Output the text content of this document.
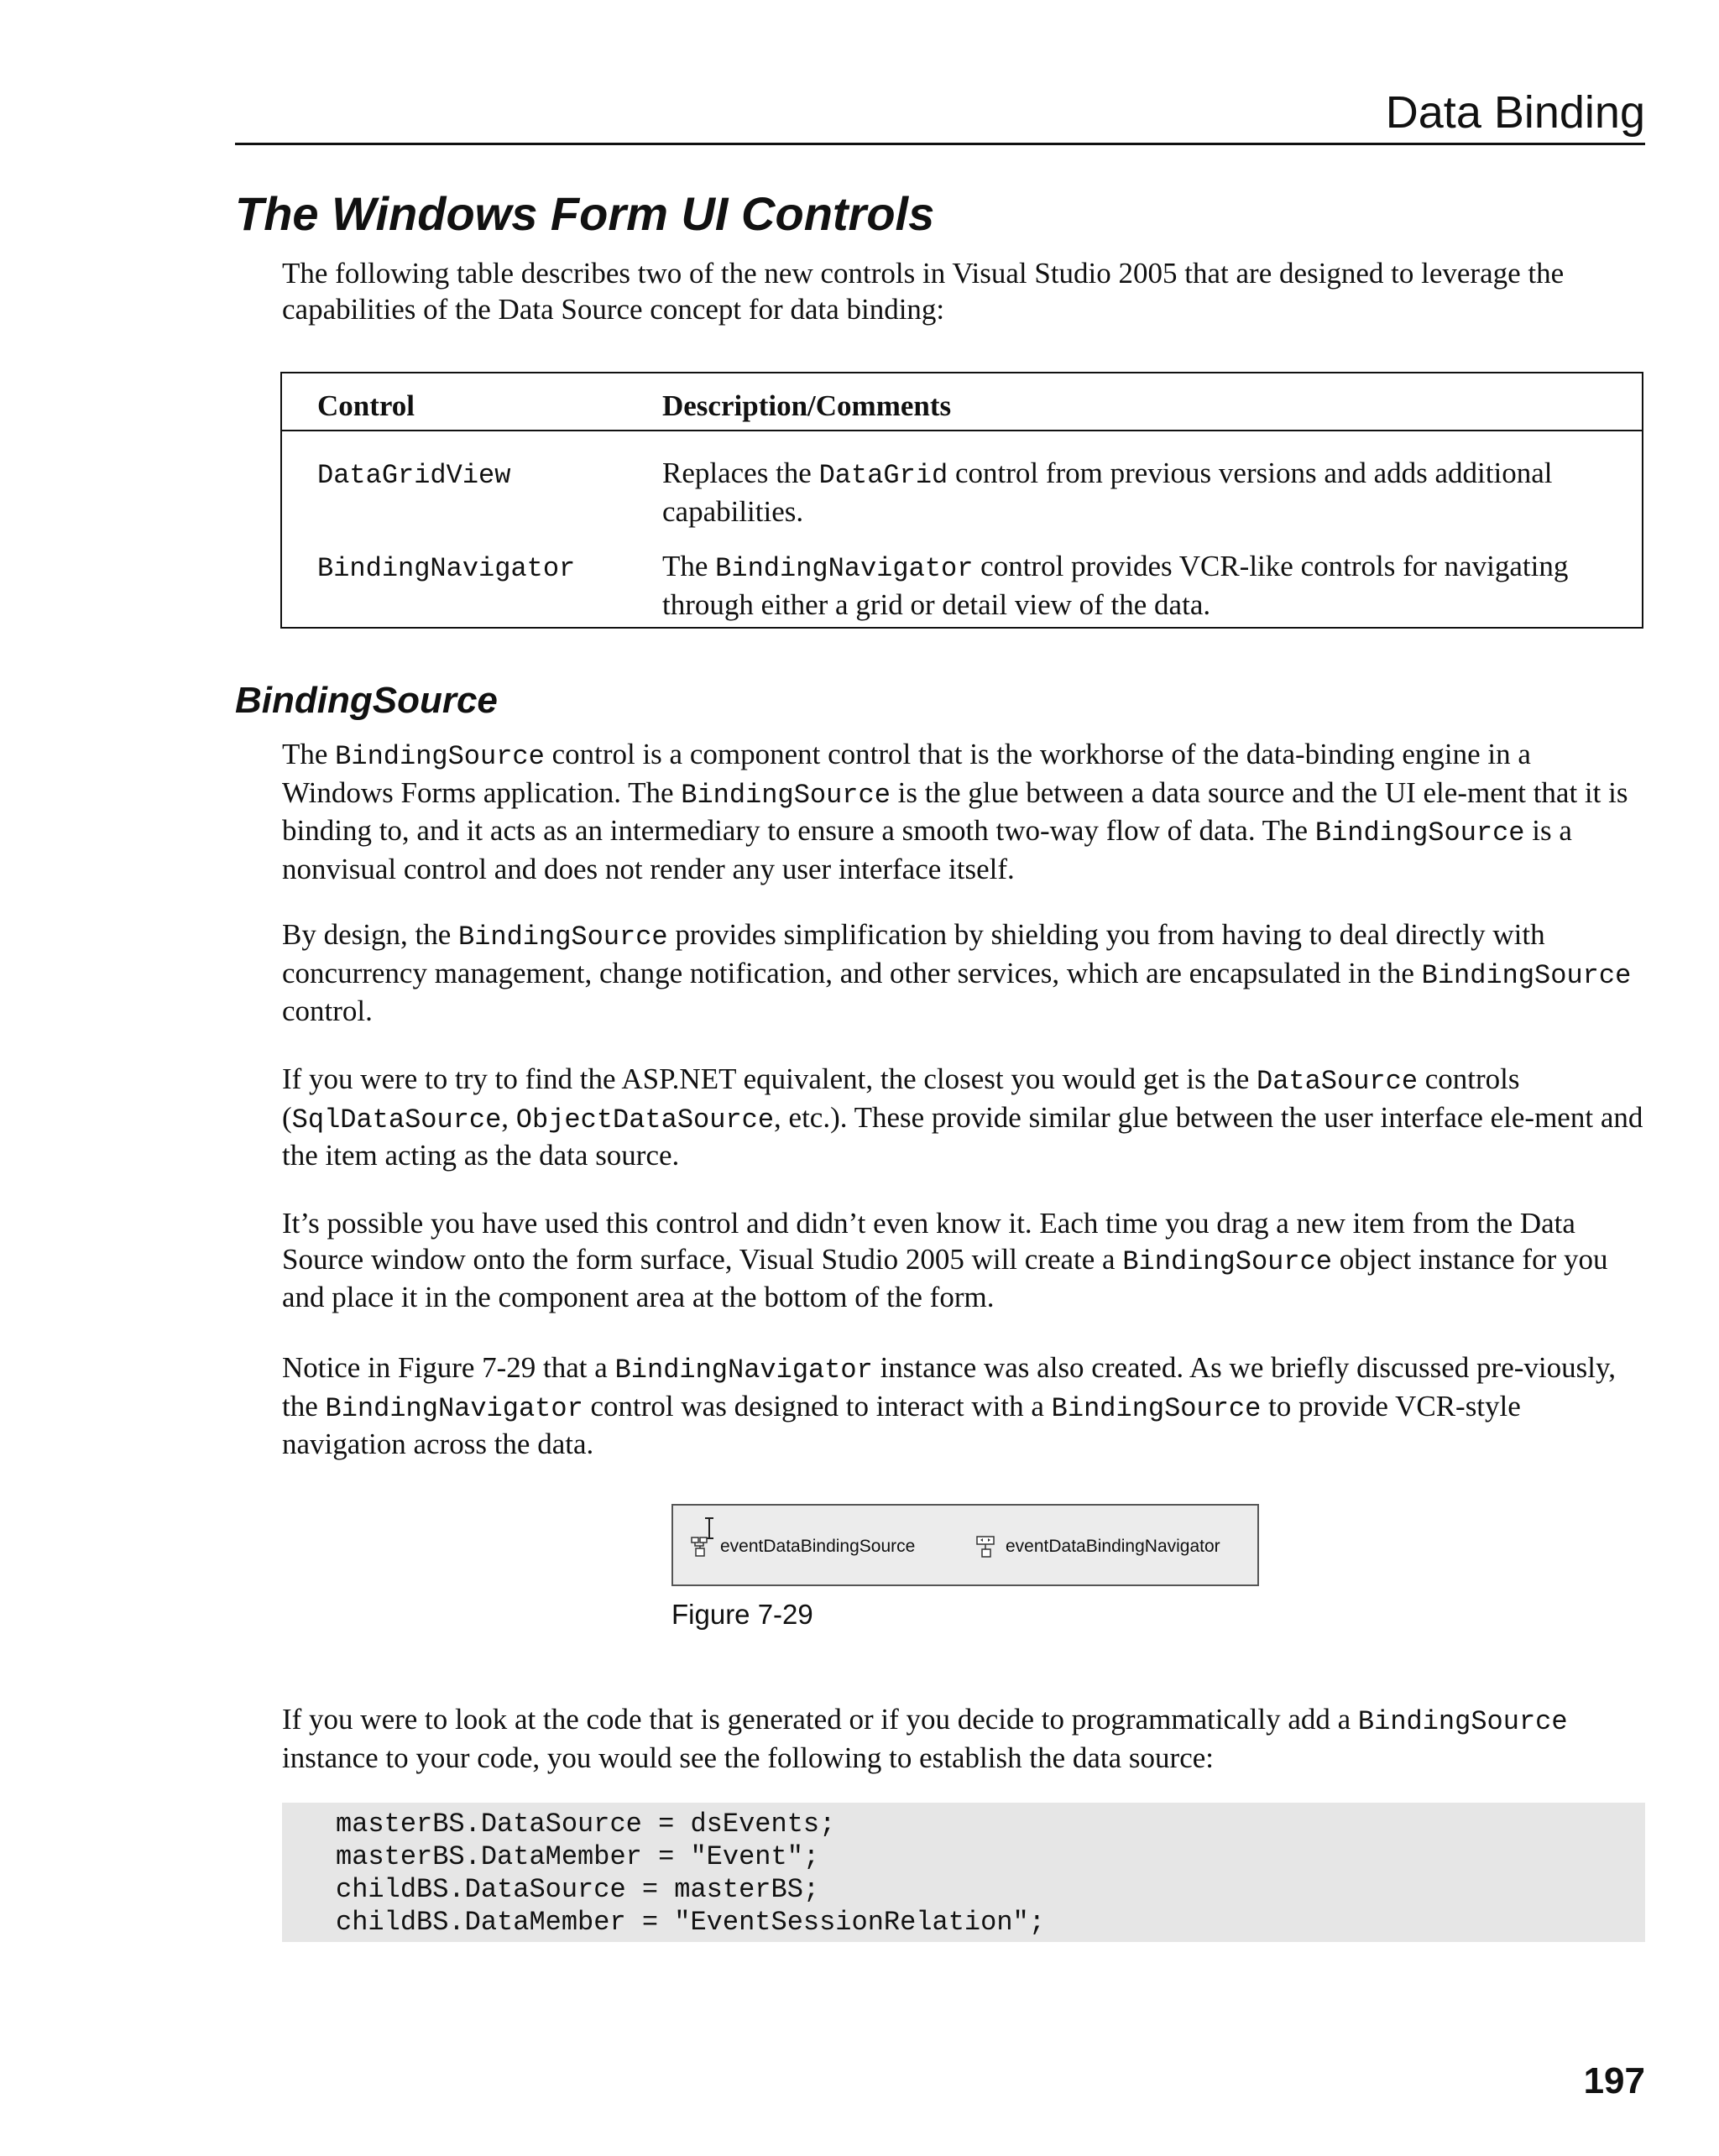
Data Binding
The Windows Form UI Controls

The following table describes two of the new controls in Visual Studio 2005 that are designed to leverage the capabilities of the Data Source concept for data binding:

Control	Description/Comments
DataGridView	Replaces the DataGrid control from previous versions and adds additional capabilities.
BindingNavigator	The BindingNavigator control provides VCR-like controls for navigating through either a grid or detail view of the data.
BindingSource

The BindingSource control is a component control that is the workhorse of the data-binding engine in a Windows Forms application. The BindingSource is the glue between a data source and the UI ele-ment that it is binding to, and it acts as an intermediary to ensure a smooth two-way flow of data. The BindingSource is a nonvisual control and does not render any user interface itself.

By design, the BindingSource provides simplification by shielding you from having to deal directly with concurrency management, change notification, and other services, which are encapsulated in the BindingSource control.

If you were to try to find the ASP.NET equivalent, the closest you would get is the DataSource controls (SqlDataSource, ObjectDataSource, etc.). These provide similar glue between the user interface ele-ment and the item acting as the data source.

It’s possible you have used this control and didn’t even know it. Each time you drag a new item from the Data Source window onto the form surface, Visual Studio 2005 will create a BindingSource object instance for you and place it in the component area at the bottom of the form.

Notice in Figure 7-29 that a BindingNavigator instance was also created. As we briefly discussed pre-viously, the BindingNavigator control was designed to interact with a BindingSource to provide VCR-style navigation across the data.

eventDataBindingSource	eventDataBindingNavigator
Figure 7-29

If you were to look at the code that is generated or if you decide to programmatically add a BindingSource instance to your code, you would see the following to establish the data source:

masterBS.DataSource = dsEvents;
masterBS.DataMember = "Event";
childBS.DataSource = masterBS;
childBS.DataMember = "EventSessionRelation";
197
